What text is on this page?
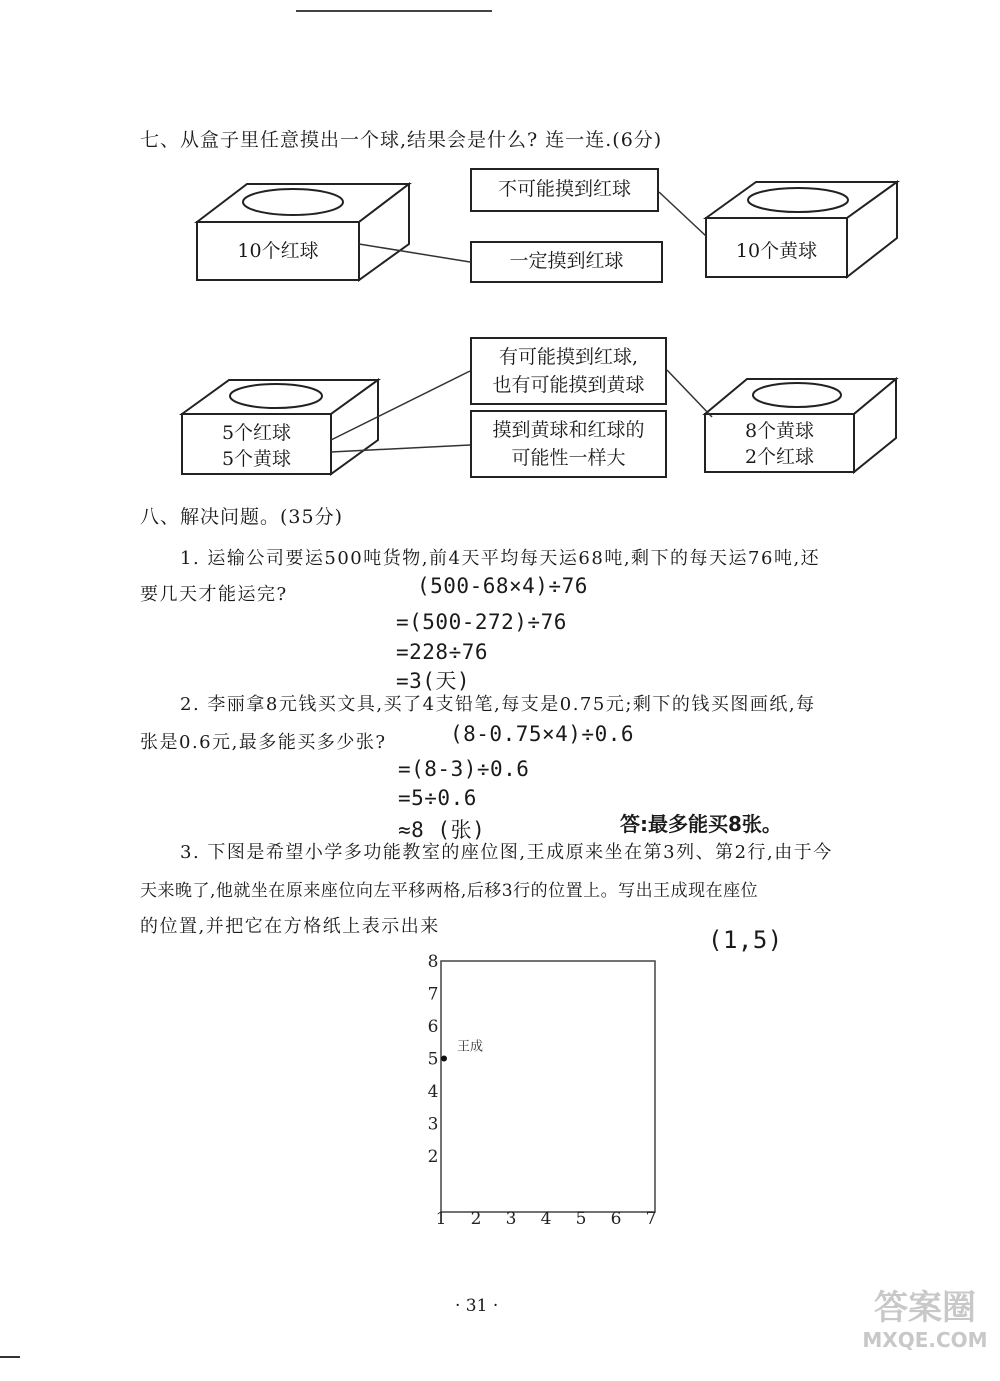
七、从盒子里任意摸出一个球,结果会是什么? 连一连.(6分)
10个红球	10个黄球
5个红球
5个黄球
8个黄球
2个红球
不可能摸到红球
一定摸到红球
有可能摸到红球,
也有可能摸到黄球
摸到黄球和红球的
可能性一样大
八、解决问题。(35分)
1. 运输公司要运500吨货物,前4天平均每天运68吨,剩下的每天运76吨,还
要几天才能运完?	(500-68×4)÷76
=(500-272)÷76
=228÷76
=3(天)
2. 李丽拿8元钱买文具,买了4支铅笔,每支是0.75元;剩下的钱买图画纸,每
张是0.6元,最多能买多少张?	(8-0.75×4)÷0.6
=(8-3)÷0.6
=5÷0.6
≈8 (张)	答:最多能买8张。
3. 下图是希望小学多功能教室的座位图,王成原来坐在第3列、第2行,由于今
天来晚了,他就坐在原来座位向左平移两格,后移3行的位置上。写出王成现在座位
的位置,并把它在方格纸上表示出来	(1,5)
1 2 3 4 5 6 7
2
3
4
5
6
7
8
王成
· 31 ·	答案圈
MXQE.COM
